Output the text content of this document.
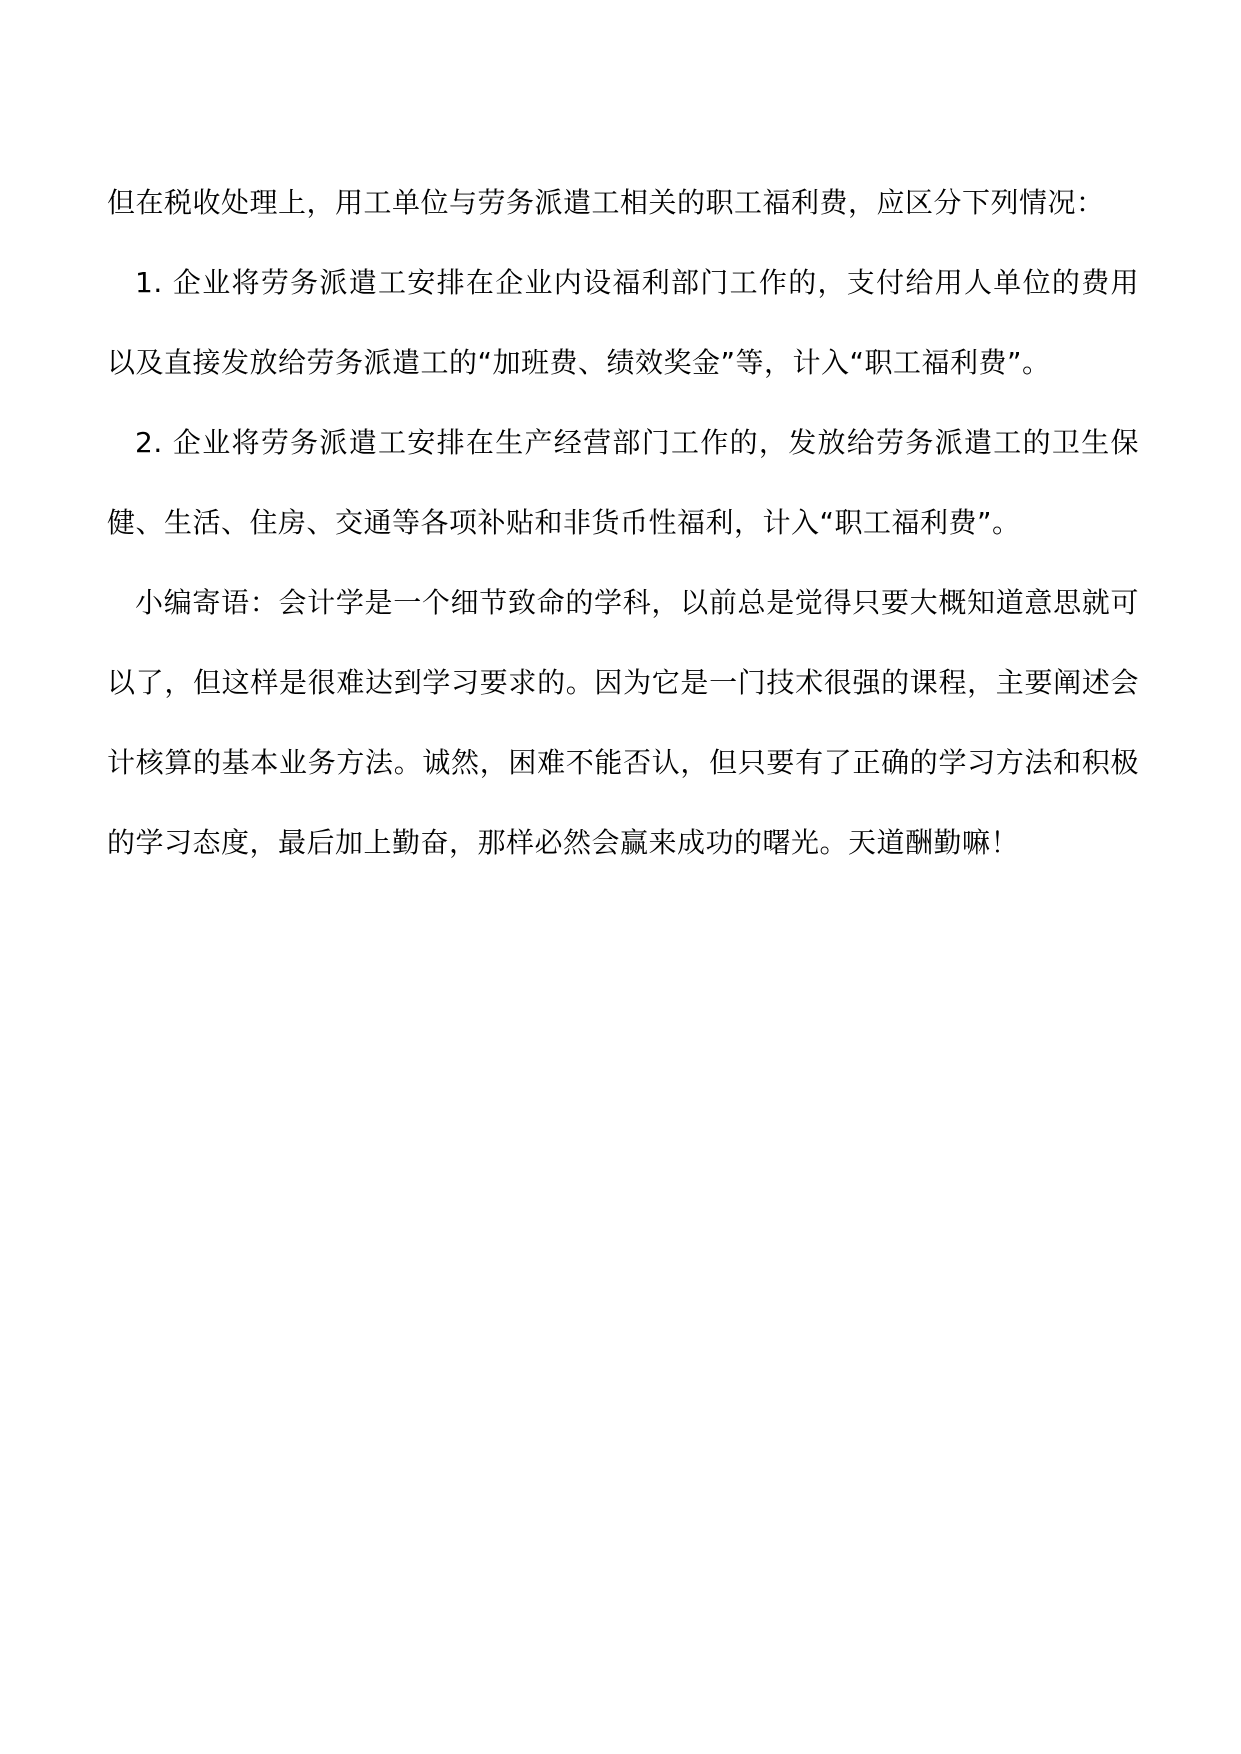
但在税收处理上，用工单位与劳务派遣工相关的职工福利费，应区分下列情况：

1. 企业将劳务派遣工安排在企业内设福利部门工作的，支付给用人单位的费用以及直接发放给劳务派遣工的“加班费、绩效奖金”等，计入“职工福利费”。

2. 企业将劳务派遣工安排在生产经营部门工作的，发放给劳务派遣工的卫生保健、生活、住房、交通等各项补贴和非货币性福利，计入“职工福利费”。

小编寄语：会计学是一个细节致命的学科，以前总是觉得只要大概知道意思就可以了，但这样是很难达到学习要求的。因为它是一门技术很强的课程，主要阐述会计核算的基本业务方法。诚然，困难不能否认，但只要有了正确的学习方法和积极的学习态度，最后加上勤奋，那样必然会赢来成功的曙光。天道酬勤嘛！
